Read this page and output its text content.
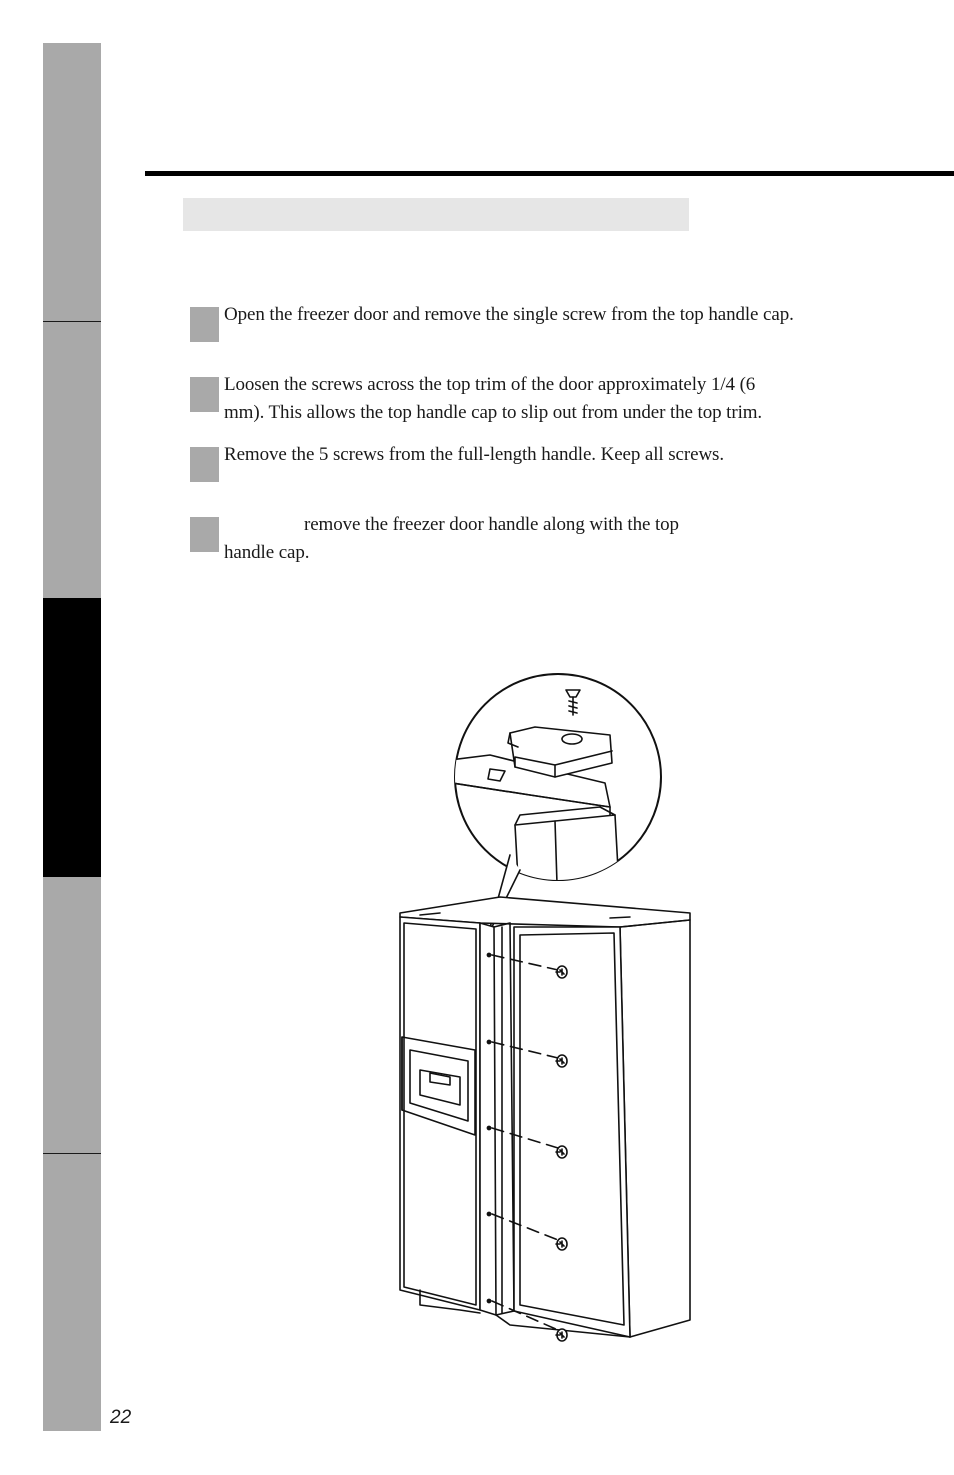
Open the freezer door and remove the single screw from the top handle cap.
Loosen the screws across the top trim of the door approximately 1/4 (6
mm). This allows the top handle cap to slip out from under the top trim.
Remove the 5 screws from the full-length handle. Keep all screws.
remove the freezer door handle along with the top
handle cap.
22
